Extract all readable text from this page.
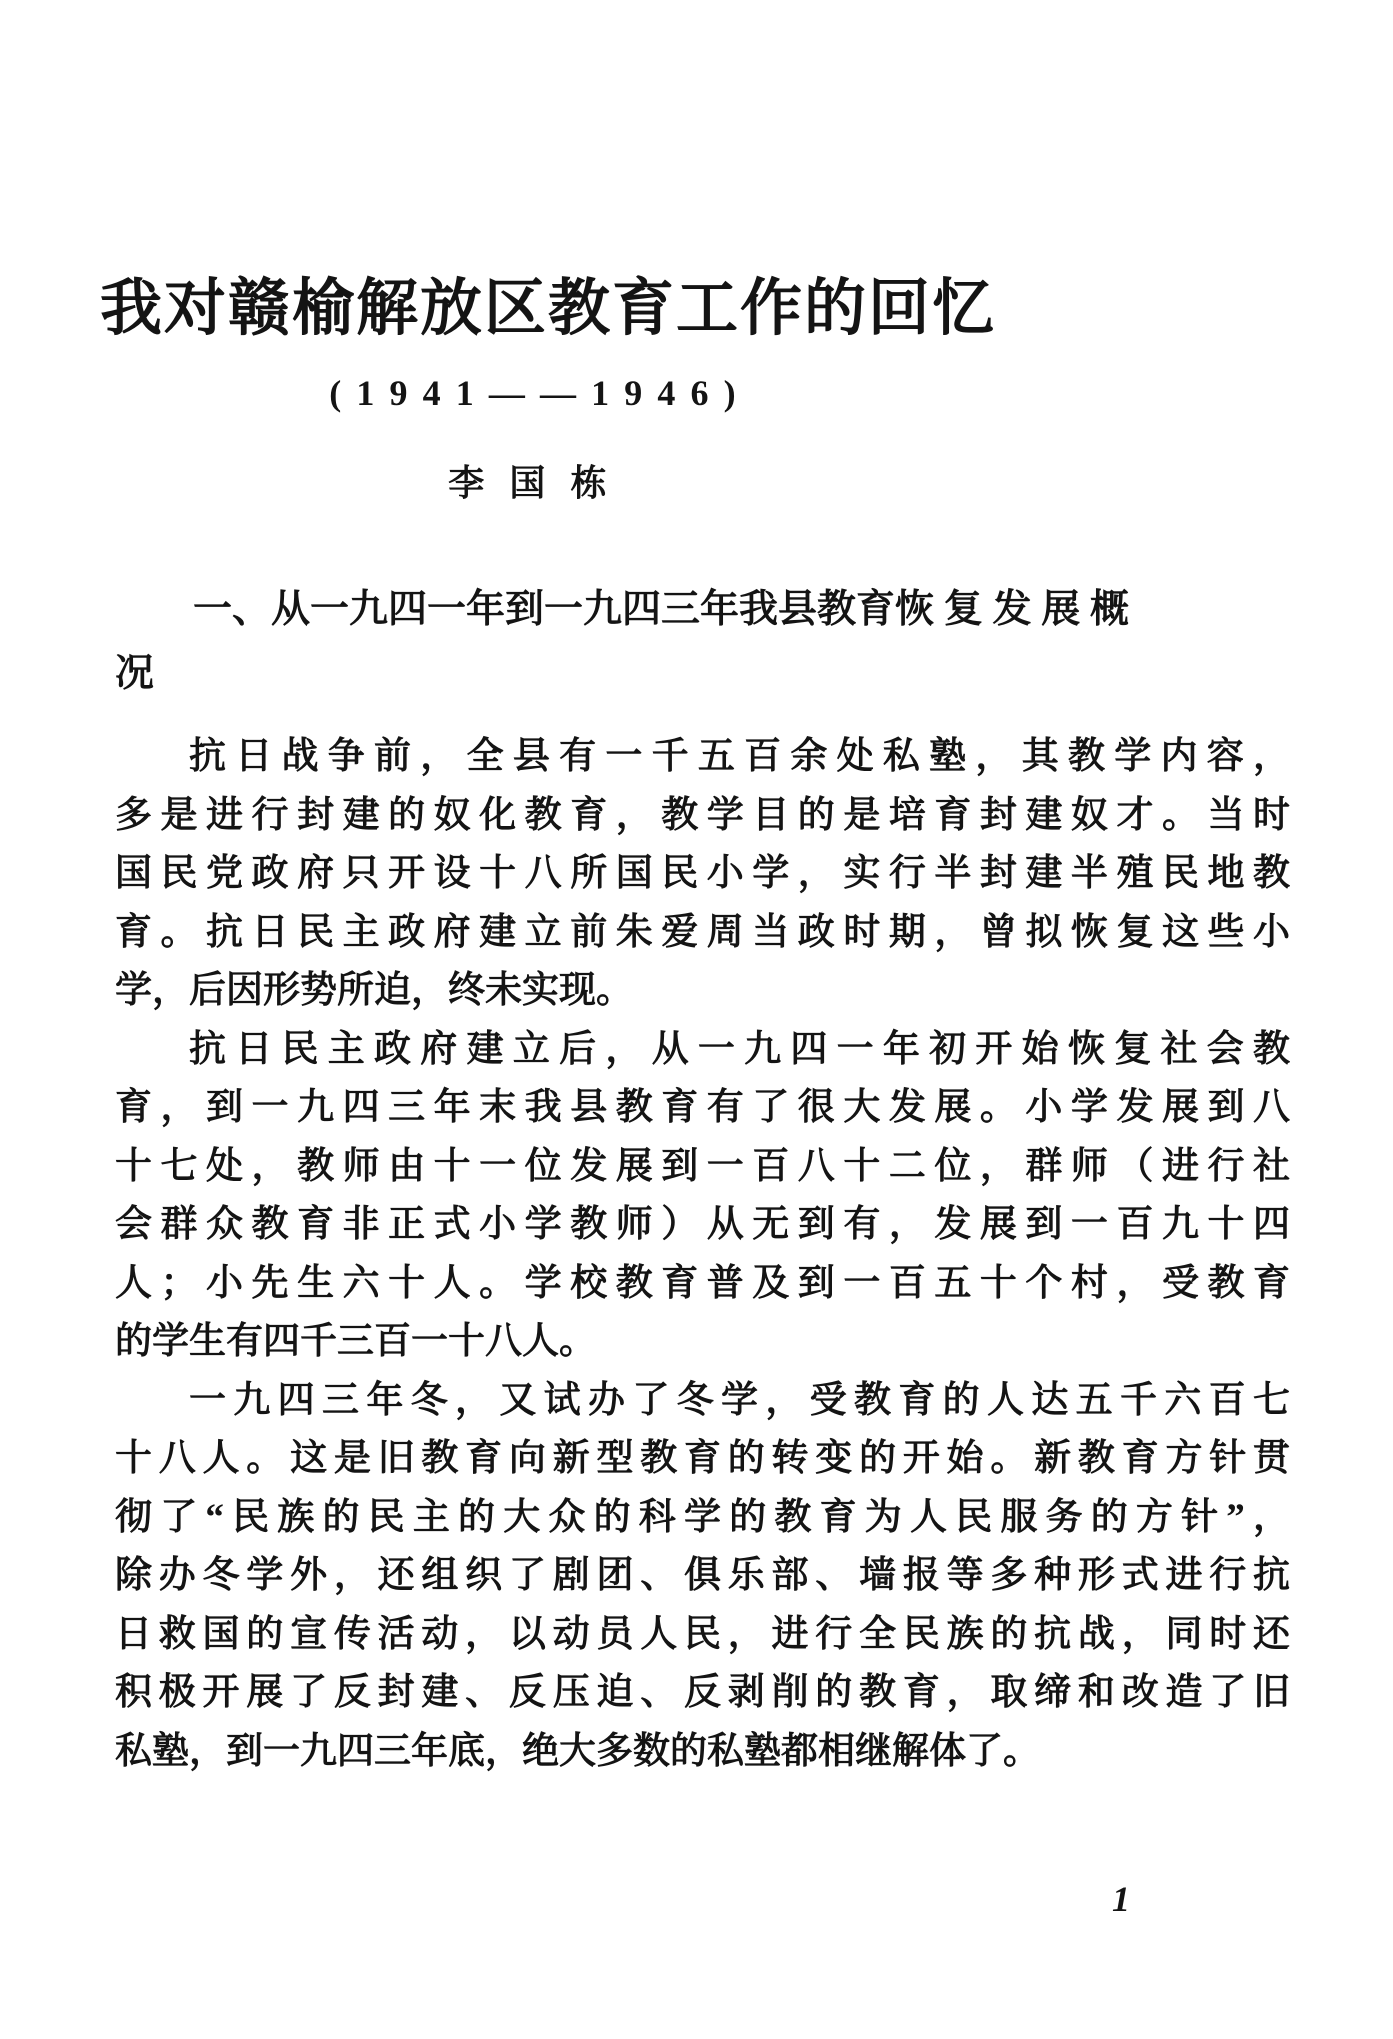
我对赣榆解放区教育工作的回忆
(1941——1946)
李国栋
一、从一九四一年到一九四三年我县教育恢 复 发 展 概
况
抗日战争前，全县有一千五百余处私塾，其教学内容，
多是进行封建的奴化教育，教学目的是培育封建奴才。当时
国民党政府只开设十八所国民小学，实行半封建半殖民地教
育。抗日民主政府建立前朱爱周当政时期，曾拟恢复这些小
学，后因形势所迫，终未实现。
抗日民主政府建立后，从一九四一年初开始恢复社会教
育，到一九四三年末我县教育有了很大发展。小学发展到八
十七处，教师由十一位发展到一百八十二位，群师（进行社
会群众教育非正式小学教师）从无到有，发展到一百九十四
人；小先生六十人。学校教育普及到一百五十个村，受教育
的学生有四千三百一十八人。
一九四三年冬，又试办了冬学，受教育的人达五千六百七
十八人。这是旧教育向新型教育的转变的开始。新教育方针贯
彻了“民族的民主的大众的科学的教育为人民服务的方针”，
除办冬学外，还组织了剧团、俱乐部、墙报等多种形式进行抗
日救国的宣传活动，以动员人民，进行全民族的抗战，同时还
积极开展了反封建、反压迫、反剥削的教育，取缔和改造了旧
私塾，到一九四三年底，绝大多数的私塾都相继解体了。
1
